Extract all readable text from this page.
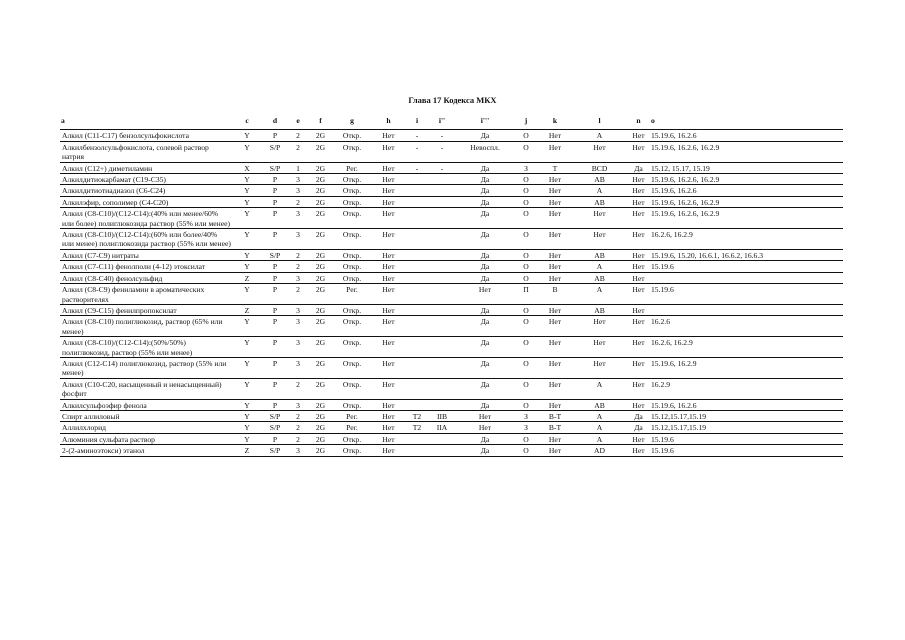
Глава 17 Кодекса МКХ
a	c	d	e	f	g	h	i	i''	i'''	j	k	l	n	o
Алкил (С11-С17) бензолсульфокислота	Y	P	2	2G	Откр.	Нет	-	-	Да	O	Нет	A	Нет	15.19.6, 16.2.6
Алкилбензолсульфокислота, солевой раствор натрия	Y	S/P	2	2G	Откр.	Нет	-	-	Невоспл.	O	Нет	Нет	Нет	15.19.6, 16.2.6, 16.2.9
Алкил (С12+) диметиламин	X	S/P	1	2G	Рег.	Нет	-	-	Да	З	Т	BCD	Да	15.12, 15.17, 15.19
Алкилдитиокарбамат (С19-С35)	Y	P	3	2G	Откр.	Нет			Да	O	Нет	AB	Нет	15.19.6, 16.2.6, 16.2.9
Алкилдитиотиадиазол (С6-С24)	Y	P	3	2G	Откр.	Нет			Да	O	Нет	A	Нет	15.19.6, 16.2.6
Алкилэфир, сополимер (С4-С20)	Y	P	2	2G	Откр.	Нет			Да	O	Нет	AB	Нет	15.19.6, 16.2.6, 16.2.9
Алкил (С8-С10)/(С12-С14):(40% или менее/60% или более) полиглюкозида раствор (55% или менее)	Y	P	3	2G	Откр.	Нет			Да	O	Нет	Нет	Нет	15.19.6, 16.2.6, 16.2.9
Алкил (С8-С10)/(С12-С14):(60% или более/40% или менее) полиглюкозида раствор (55% или менее)	Y	P	3	2G	Откр.	Нет			Да	O	Нет	Нет	Нет	16.2.6, 16.2.9
Алкил (С7-С9) нитраты	Y	S/P	2	2G	Откр.	Нет			Да	O	Нет	AB	Нет	15.19.6, 15.20, 16.6.1, 16.6.2, 16.6.3
Алкил (С7-С11) фенолполи (4-12) этоксилат	Y	P	2	2G	Откр.	Нет			Да	O	Нет	A	Нет	15.19.6
Алкил (С8-С40) фенолсульфид	Z	P	3	2G	Откр.	Нет			Да	O	Нет	AB	Нет	
Алкил (С8-С9) фениламин в ароматических растворителях	Y	P	2	2G	Рег.	Нет			Нет	П	В	A	Нет	15.19.6
Алкил (С9-С15) фенилпропоксилат	Z	P	3	2G	Откр.	Нет			Да	O	Нет	AB	Нет	
Алкил (С8-С10) полиглюкозид, раствор (65% или менее)	Y	P	3	2G	Откр.	Нет			Да	O	Нет	Нет	Нет	16.2.6
Алкил (С8-С10)/(С12-С14):(50%/50%) полиглюкозид, раствор (55% или менее)	Y	P	3	2G	Откр.	Нет			Да	O	Нет	Нет	Нет	16.2.6, 16.2.9
Алкил (С12-С14) полиглюкозид, раствор (55% или менее)	Y	P	3	2G	Откр.	Нет			Да	O	Нет	Нет	Нет	15.19.6, 16.2.9
Алкил (С10-С20, насыщенный и ненасыщенный) фосфит	Y	P	2	2G	Откр.	Нет			Да	O	Нет	A	Нет	16.2.9
Алкилсульфоэфир фенола	Y	P	3	2G	Откр.	Нет			Да	O	Нет	AB	Нет	15.19.6, 16.2.6
Спирт аллиловый	Y	S/P	2	2G	Рег.	Нет	T2	IIB	Нет	З	В-Т	A	Да	15.12,15.17,15.19
Аллилхлорид	Y	S/P	2	2G	Рег.	Нет	T2	IIA	Нет	З	В-Т	A	Да	15.12,15.17,15.19
Алюминия сульфата раствор	Y	P	2	2G	Откр.	Нет			Да	O	Нет	A	Нет	15.19.6
2-(2-аминоэтокси) этанол	Z	S/P	3	2G	Откр.	Нет			Да	O	Нет	AD	Нет	15.19.6
